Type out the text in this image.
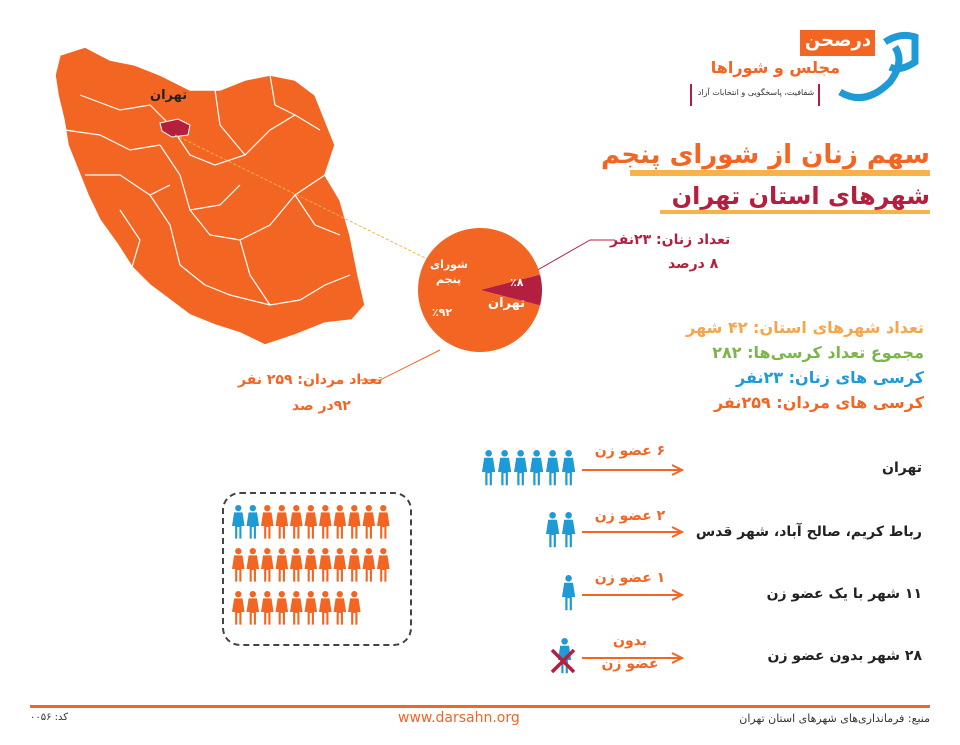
درصحن
مجلس و شوراها
شفافیت، پاسخگویی و انتخابات آزاد
سهم زنان از شورای پنجم
شهرهای استان تهران
تهران
شورای
پنجم	٪۸
تهران
٪۹۲
تعداد زنان: ۲۳نفر
۸ درصد
تعداد مردان: ۲۵۹ نفر
۹۲در صد
تعداد شهرهای استان: ۴۲ شهر
مجموع تعداد کرسی‌ها: ۲۸۲
کرسی های زنان: ۲۳نفر
کرسی های مردان: ۲۵۹نفر
۶ عضو زن
۲ عضو زن
۱ عضو زن
بدون
عضو زن
تهران
رباط کریم، صالح آباد، شهر قدس
۱۱ شهر با یک عضو زن
۲۸ شهر بدون عضو زن
منبع: فرمانداری‌های شهرهای استان تهران
www.darsahn.org
کد: ۰۰۵۶
